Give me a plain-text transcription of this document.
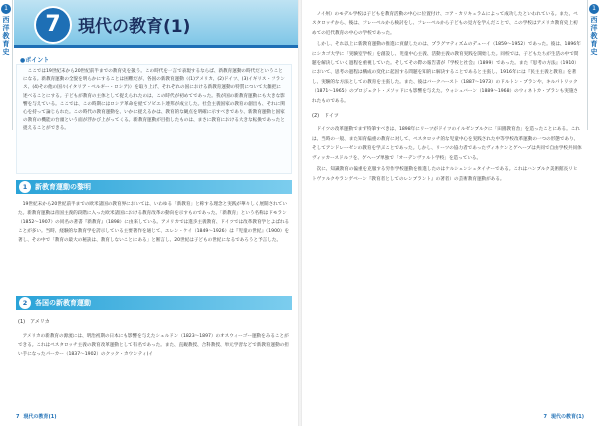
1
西洋教育史	7	現代の教育(1)
●ポイント

ここでは19世紀末から20世紀前半までの教育史を扱う。この時代を一言で表現するならば、新教育運動の時代だということになる。新教育運動の全貌を明らかにすることは困難だが、各国の新教育運動（(1)アメリカ、(2)ドイツ、(3)イギリス・フランス、(4)その他の国々(イタリア・ベルギー・ロシア)）を取り上げ、それぞれの国における新教育運動の特質について大雑把に述べることにする。子どもが教育の主体として捉えられたのは、この時代が初めてであった。我が国の新教育運動にも大きな影響を与えている。ここでは、この時期にはロシア革命を経てソビエト連邦が成立した。社会主義国家の教育の創出も、それに関心を持って論じられた。この時代の教育運動を、いかに捉えるかは、教育的な観点を明確に示すべきであり、新教育運動と国家の教育の機能の台頭という面が浮かび上がってくる。新教育運動が目指したものは、まさに教育における大きな転換であったと捉えることができる。

1 新教育運動の黎明

19世紀末から20世紀前半までの欧米諸国の教育界においては、いわゆる「新教育」と称する理念と実践が華々しく展開されていた。新教育運動は帝国主義的段階に入った欧米諸国における教育改革の動向を示すものであった。「新教育」という名称はドモラン（1852～1907）の同名の著書『新教育』（1898）に由来している。アメリカでは進歩主義教育、ドイツでは改革教育学とよばれることが多い。当時、経験的な教育学を誇示している主要著作を通じて、エレン・ケイ（1849～1926）は『児童の世紀』（1900）を著し、その中で「教育の最大の秘訣は、教育しないことにある」と断言し、20世紀は子どもの世紀になるであろうと予言した。

2 各国の新教育運動
(1)　アメリカ

アメリカの新教育の源流には、明治初期の日本にも影響を与えたシェルドン（1823～1897）のオスウィーゴー運動をみることができる。これはペスタロッチ主義の教育改革運動として有名であった。また、直観教授、合科教授、単元学習などで新教育運動の担い手になったパーカー（1837～1902）のクック・カウンティ(イ

7 現代の教育(1)
1
西洋教育史

ノイ州）のモデル学校は子どもを教育活動の中心に位置付け、コア・カリキュラムによって成功したといわれている。また、ペスタロッチから、後は、フレーベルから検討をし、フレーベルから子どもの見方を学んだことで、この学校はアメリカ教育史上初めての近代教育の中心の学校であった。

しかし、それ以上に新教育運動の推進に貢献したのは、プラグマティズムのデューイ（1859～1952）であった。彼は、1896年にシカゴ大学に「実験室学校」を創設し、児童中心主義、活動主義の教育実践を開始した。同校では、子どもたちが生活の中で問題を解決していく過程を重視していた。そしてその際の報告書が『学校と社会』（1899）であった。また『思考の方法』（1910）において、思考の過程は構成の変化に起因する問題を知的に解決することであると主張し、1916年には『民主主義と教育』を著し、実験的な方法としての教育を主張した。また、彼はバークハースト（1887～1973）のドルトン・プランや、キルパトリック（1871～1965）のプロジェクト・メソッドにも影響を与えた。ウォシュバーン（1889～1968）のウィネトカ・プランも実施されたものである。

(2)　ドイツ

ドイツの改革運動でまず特筆すべきは、1898年にリーツがドイツのイルゼンブルクに「田園教育舎」を造ったことにある。これは、当時の一般、また知育偏重の教育に対して、ペスタロッチ的な児童中心を実践された中等学校改革運動の一つの形態であり、そしてアンドレーゼンの教育を学ぶことであった。しかし、リーツの協力者であったヴィネケンとゲヘープは共同で自由学校共同体ヴィッカースドルフを、ゲヘープ単独で「オーデンヴァルト学校」を造っている。

次に、知識教育の偏重を克服する労作学校運動を推進したのはケルシェンシュタイナーである。これはハンブルク美術館長リヒトヴァルクやランゲベーン『教育者としてのレンブラント』の著者）の芸術教育運動がある。

7 現代の教育(1)
